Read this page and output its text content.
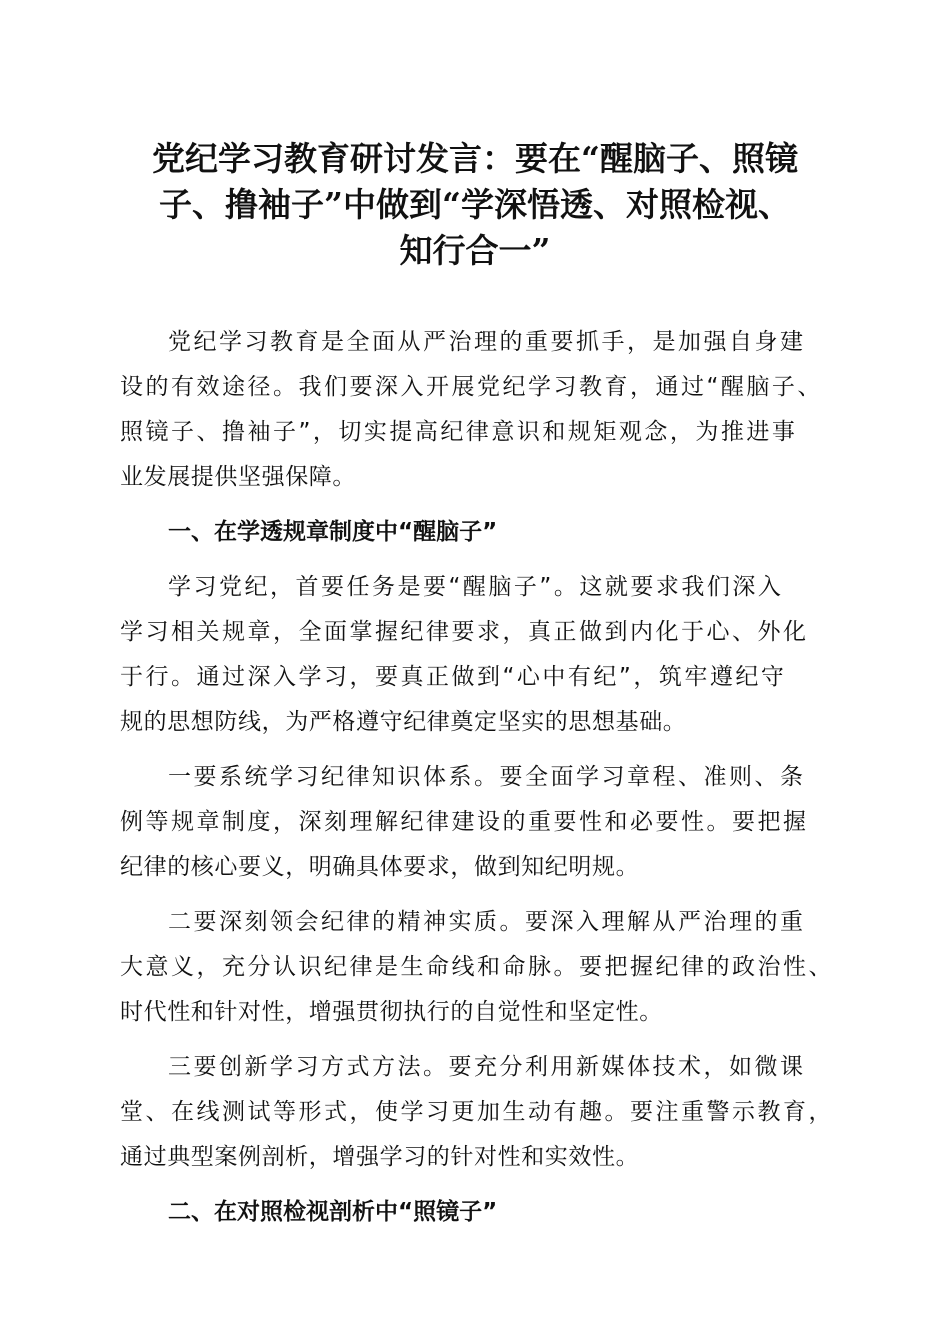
党纪学习教育研讨发言：要在“醒脑子、照镜
子、撸袖子”中做到“学深悟透、对照检视、
知行合一”
党纪学习教育是全面从严治理的重要抓手，是加强自身建
设的有效途径。我们要深入开展党纪学习教育，通过“醒脑子、
照镜子、撸袖子”，切实提高纪律意识和规矩观念，为推进事
业发展提供坚强保障。
一、在学透规章制度中“醒脑子”
学习党纪，首要任务是要“醒脑子”。这就要求我们深入
学习相关规章，全面掌握纪律要求，真正做到内化于心、外化
于行。通过深入学习，要真正做到“心中有纪”，筑牢遵纪守
规的思想防线，为严格遵守纪律奠定坚实的思想基础。
一要系统学习纪律知识体系。要全面学习章程、准则、条
例等规章制度，深刻理解纪律建设的重要性和必要性。要把握
纪律的核心要义，明确具体要求，做到知纪明规。
二要深刻领会纪律的精神实质。要深入理解从严治理的重
大意义，充分认识纪律是生命线和命脉。要把握纪律的政治性、
时代性和针对性，增强贯彻执行的自觉性和坚定性。
三要创新学习方式方法。要充分利用新媒体技术，如微课
堂、在线测试等形式，使学习更加生动有趣。要注重警示教育，
通过典型案例剖析，增强学习的针对性和实效性。
二、在对照检视剖析中“照镜子”
